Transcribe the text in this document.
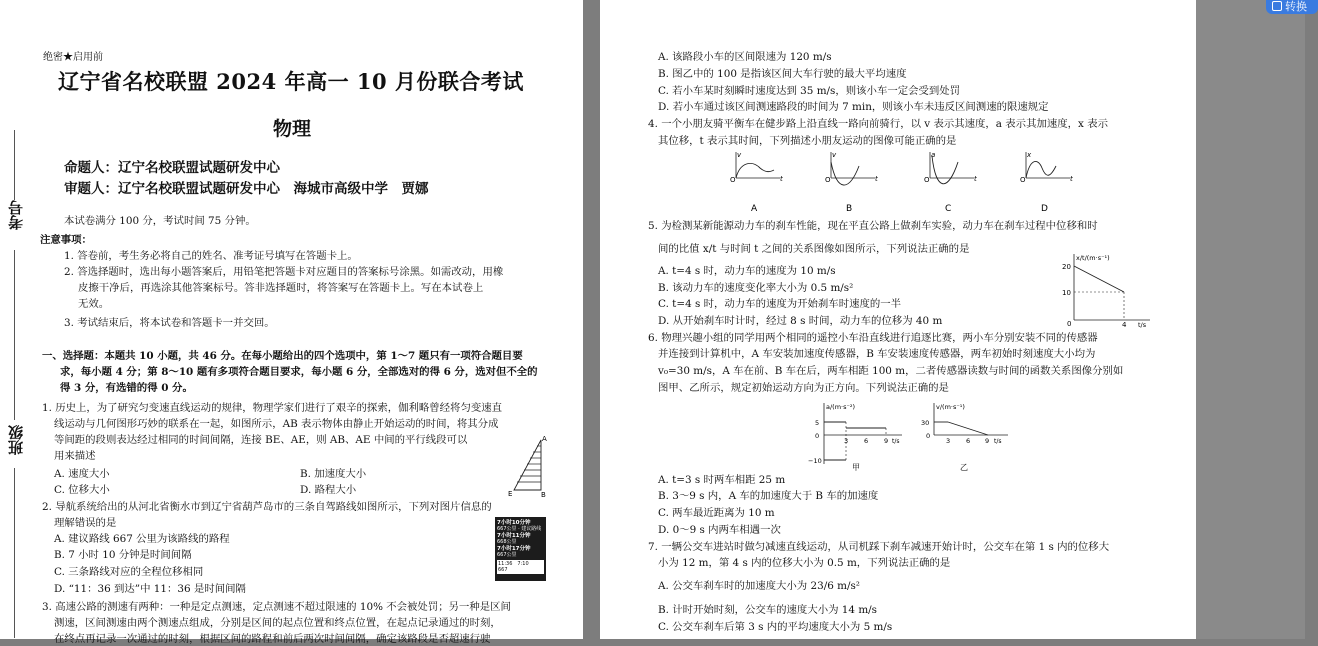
考号
班级
绝密★启用前
辽宁省名校联盟 2024 年高一 10 月份联合考试
物理
命题人：辽宁名校联盟试题研发中心
审题人：辽宁名校联盟试题研发中心　海城市高级中学　贾娜
本试卷满分 100 分，考试时间 75 分钟。
注意事项：
1. 答卷前，考生务必将自己的姓名、准考证号填写在答题卡上。
2. 答选择题时，选出每小题答案后，用铅笔把答题卡对应题目的答案标号涂黑。如需改动，用橡
皮擦干净后，再选涂其他答案标号。答非选择题时，将答案写在答题卡上。写在本试卷上
无效。
3. 考试结束后，将本试卷和答题卡一并交回。
一、选择题：本题共 10 小题，共 46 分。在每小题给出的四个选项中，第 1～7 题只有一项符合题目要
求，每小题 4 分；第 8～10 题有多项符合题目要求，每小题 6 分，全部选对的得 6 分，选对但不全的
得 3 分，有选错的得 0 分。
1. 历史上，为了研究匀变速直线运动的规律，物理学家们进行了艰辛的探索，伽利略曾经将匀变速直
线运动与几何图形巧妙的联系在一起，如图所示，AB 表示物体由静止开始运动的时间，将其分成
等间距的段则表达经过相同的时间间隔，连接 BE、AE，则 AB、AE 中间的平行线段可以
用来描述
A. 速度大小	B. 加速度大小
C. 位移大小	D. 路程大小
A
B
E
2. 导航系统给出的从河北省衡水市到辽宁省葫芦岛市的三条自驾路线如图所示，下列对图片信息的
理解错误的是
A. 建议路线 667 公里为该路线的路程
B. 7 小时 10 分钟是时间间隔
C. 三条路线对应的全程位移相同
D. “11：36 到达”中 11：36 是时间间隔
7小时10分钟
667公里 · 建议路线
7小时11分钟
668公里
7小时17分钟
667公里
11:36　7:10　667
3. 高速公路的测速有两种：一种是定点测速，定点测速不超过限速的 10% 不会被处罚；另一种是区间
测速，区间测速由两个测速点组成，分别是区间的起点位置和终点位置，在起点记录通过的时刻，
在终点再记录一次通过的时刻，根据区间的路程和前后两次时间间隔，确定该路段是否超速行驶
A. 该路段小车的区间限速为 120 m/s
B. 图乙中的 100 是指该区间大车行驶的最大平均速度
C. 若小车某时刻瞬时速度达到 35 m/s，则该小车一定会受到处罚
D. 若小车通过该区间测速路段的时间为 7 min，则该小车未违反区间测速的限速规定
4. 一个小朋友骑平衡车在健步路上沿直线一路向前骑行，以 v 表示其速度，a 表示其加速度，x 表示
其位移，t 表示其时间，下列描述小朋友运动的图像可能正确的是
v
O	t
A
v
O	t
B
a
O	t
C
x
O	t
D
5. 为检测某新能源动力车的刹车性能，现在平直公路上做刹车实验，动力车在刹车过程中位移和时
间的比值 x/t 与时间 t 之间的关系图像如图所示，下列说法正确的是
A. t=4 s 时，动力车的速度为 10 m/s
B. 该动力车的速度变化率大小为 0.5 m/s²
C. t=4 s 时，动力车的速度为开始刹车时速度的一半
D. 从开始刹车时计时，经过 8 s 时间，动力车的位移为 40 m
x/t/(m·s⁻¹)
20
10
0	4 t/s
6. 物理兴趣小组的同学用两个相同的遥控小车沿直线进行追逐比赛，两小车分别安装不同的传感器
并连接到计算机中，A 车安装加速度传感器，B 车安装速度传感器，两车初始时刻速度大小均为
v₀=30 m/s，A 车在前、B 车在后，两车相距 100 m，二者传感器读数与时间的函数关系图像分别如
图甲、乙所示，规定初始运动方向为正方向。下列说法正确的是
a/(m·s⁻²)
5
0
−10
3 6 9 t/s
甲
v/(m·s⁻¹)
30
0
3 6 9 t/s
乙
A. t=3 s 时两车相距 25 m
B. 3～9 s 内，A 车的加速度大于 B 车的加速度
C. 两车最近距离为 10 m
D. 0～9 s 内两车相遇一次
7. 一辆公交车进站时做匀减速直线运动，从司机踩下刹车减速开始计时，公交车在第 1 s 内的位移大
小为 12 m，第 4 s 内的位移大小为 0.5 m，下列说法正确的是
A. 公交车刹车时的加速度大小为 23/6 m/s²
B. 计时开始时刻，公交车的速度大小为 14 m/s
C. 公交车刹车后第 3 s 内的平均速度大小为 5 m/s
转换
